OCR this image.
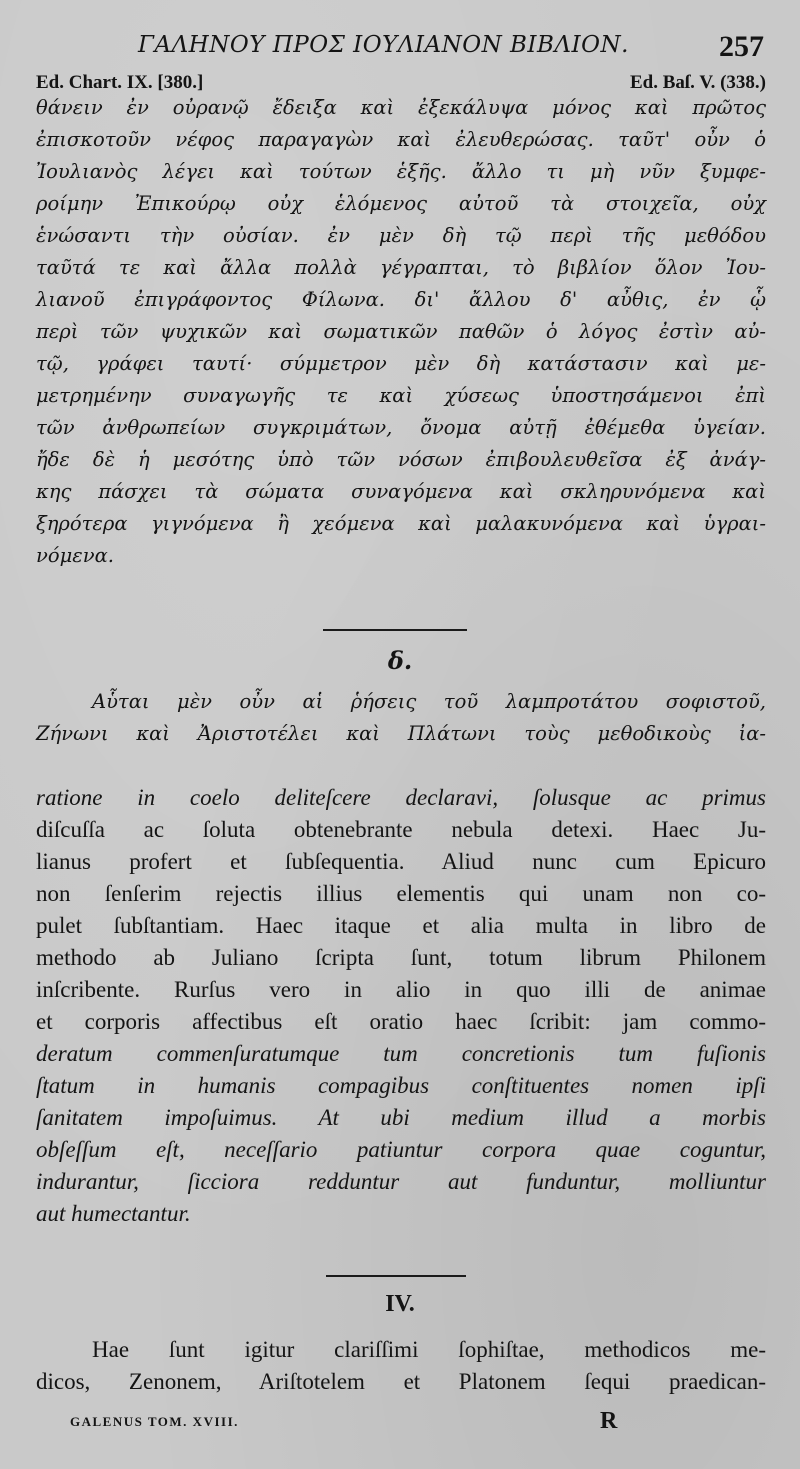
ΓΑΛΗΝΟΥ ΠΡΟΣ ΙΟΥΛΙΑΝΟΝ ΒΙΒΛΙΟΝ.	257
Ed. Chart. IX. [380.]	Ed. Baſ. V. (338.)
θάνειν ἐν οὐρανῷ ἔδειξα καὶ ἐξεκάλυψα μόνος καὶ πρῶτος
ἐπισκοτοῦν νέφος παραγαγὼν καὶ ἐλευθερώσας. ταῦτ' οὖν ὁ
Ἰουλιανὸς λέγει καὶ τούτων ἑξῆς. ἄλλο τι μὴ νῦν ξυμφε-
ροίμην Ἐπικούρῳ οὐχ ἑλόμενος αὐτοῦ τὰ στοιχεῖα, οὐχ
ἑνώσαντι τὴν οὐσίαν. ἐν μὲν δὴ τῷ περὶ τῆς μεθόδου
ταῦτά τε καὶ ἄλλα πολλὰ γέγραπται, τὸ βιβλίον ὅλον Ἰου-
λιανοῦ ἐπιγράφοντος Φίλωνα. δι' ἄλλου δ' αὖθις, ἐν ᾧ
περὶ τῶν ψυχικῶν καὶ σωματικῶν παθῶν ὁ λόγος ἐστὶν αὐ-
τῷ, γράφει ταυτί· σύμμετρον μὲν δὴ κατάστασιν καὶ με-
μετρημένην συναγωγῆς τε καὶ χύσεως ὑποστησάμενοι ἐπὶ
τῶν ἀνθρωπείων συγκριμάτων, ὄνομα αὐτῇ ἐθέμεθα ὑγείαν.
ἤδε δὲ ἡ μεσότης ὑπὸ τῶν νόσων ἐπιβουλευθεῖσα ἐξ ἀνάγ-
κης πάσχει τὰ σώματα συναγόμενα καὶ σκληρυνόμενα καὶ
ξηρότερα γιγνόμενα ἢ χεόμενα καὶ μαλακυνόμενα καὶ ὑγραι-
νόμενα.
δ.
Αὗται μὲν οὖν αἱ ῥήσεις τοῦ λαμπροτάτου σοφιστοῦ,
Ζήνωνι καὶ Ἀριστοτέλει καὶ Πλάτωνι τοὺς μεθοδικοὺς ἰα-
ratione in coelo deliteſcere declaravi, ſolusque ac primus
diſcuſſa ac ſoluta obtenebrante nebula detexi. Haec Ju-
lianus profert et ſubſequentia. Aliud nunc cum Epicuro
non ſenſerim rejectis illius elementis qui unam non co-
pulet ſubſtantiam. Haec itaque et alia multa in libro de
methodo ab Juliano ſcripta ſunt, totum librum Philonem
inſcribente. Rurſus vero in alio in quo illi de animae
et corporis affectibus eſt oratio haec ſcribit: jam commo-
deratum commenſuratumque tum concretionis tum fuſionis
ſtatum in humanis compagibus conſtituentes nomen ipſi
ſanitatem impoſuimus. At ubi medium illud a morbis
obſeſſum eſt, neceſſario patiuntur corpora quae coguntur,
indurantur, ſicciora redduntur aut funduntur, molliuntur
aut humectantur.
IV.
Hae ſunt igitur clariſſimi ſophiſtae, methodicos me-
dicos, Zenonem, Ariſtotelem et Platonem ſequi praedican-
GALENUS TOM. XVIII.	R
